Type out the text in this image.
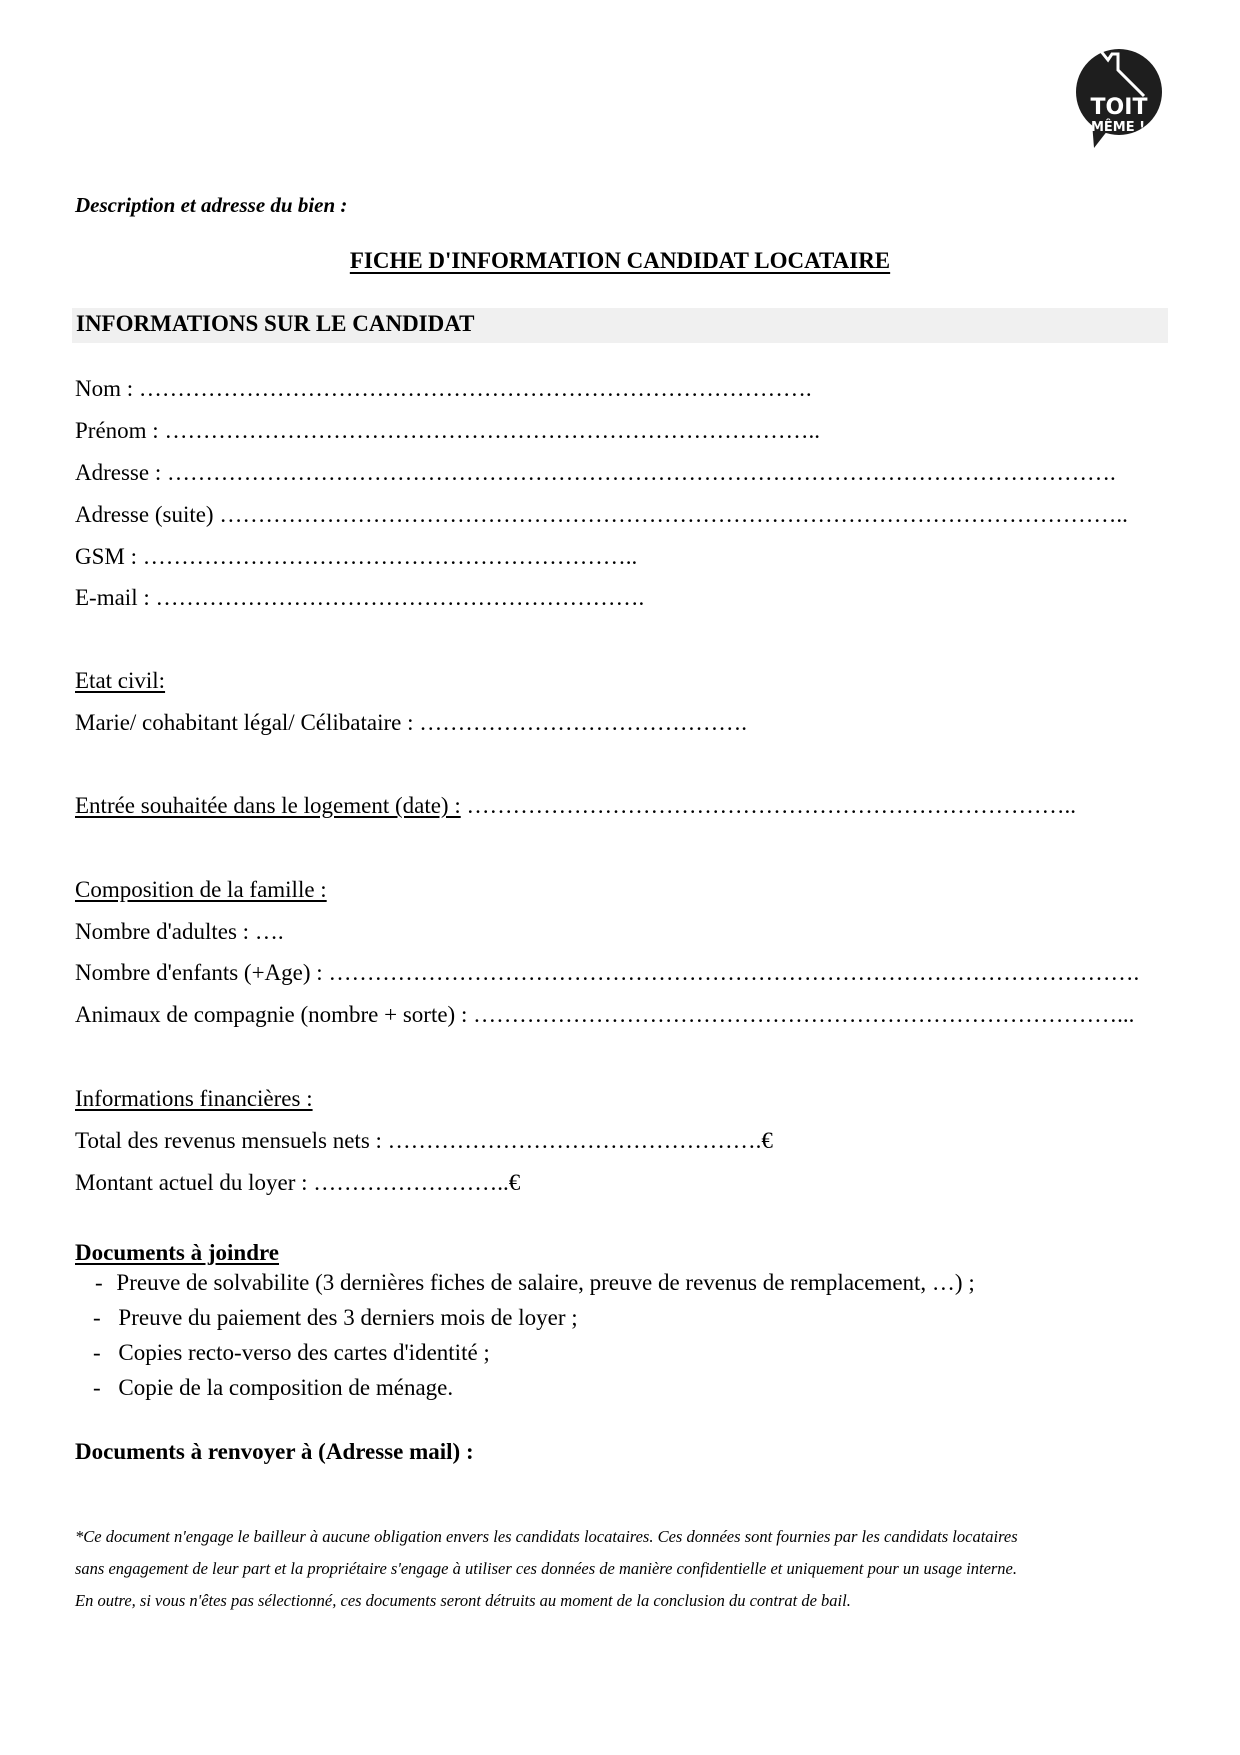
TOIT
MÊME !
Description et adresse du bien :
FICHE D'INFORMATION CANDIDAT LOCATAIRE
INFORMATIONS SUR LE CANDIDAT
Nom : …………………………………………………………………………….
Prénom : …………………………………………………………………………..
Adresse : …………………………………………………………………………………………………………….
Adresse (suite) ………………………………………………………………………………………………………..
GSM : ………………………………………………………..
E-mail : ……………………………………………………….
Etat civil:
Marie/ cohabitant légal/ Célibataire : …………………………………….
Entrée souhaitée dans le logement (date) : ……………………………………………………………………..
Composition de la famille :
Nombre d'adultes : ….
Nombre d'enfants (+Age) : …………………………………………………………………………………………….
Animaux de compagnie (nombre + sorte) : …………………………………………………………………………...
Informations financières :
Total des revenus mensuels nets : ………………………………………….€
Montant actuel du loyer : ……………………..€
Documents à joindre
- Preuve de solvabilite (3 dernières fiches de salaire, preuve de revenus de remplacement, …) ;
- Preuve du paiement des 3 derniers mois de loyer ;
- Copies recto-verso des cartes d'identité ;
- Copie de la composition de ménage.
Documents à renvoyer à (Adresse mail) :
*Ce document n'engage le bailleur à aucune obligation envers les candidats locataires. Ces données sont fournies par les candidats locataires
sans engagement de leur part et la propriétaire s'engage à utiliser ces données de manière confidentielle et uniquement pour un usage interne.
En outre, si vous n'êtes pas sélectionné, ces documents seront détruits au moment de la conclusion du contrat de bail.
